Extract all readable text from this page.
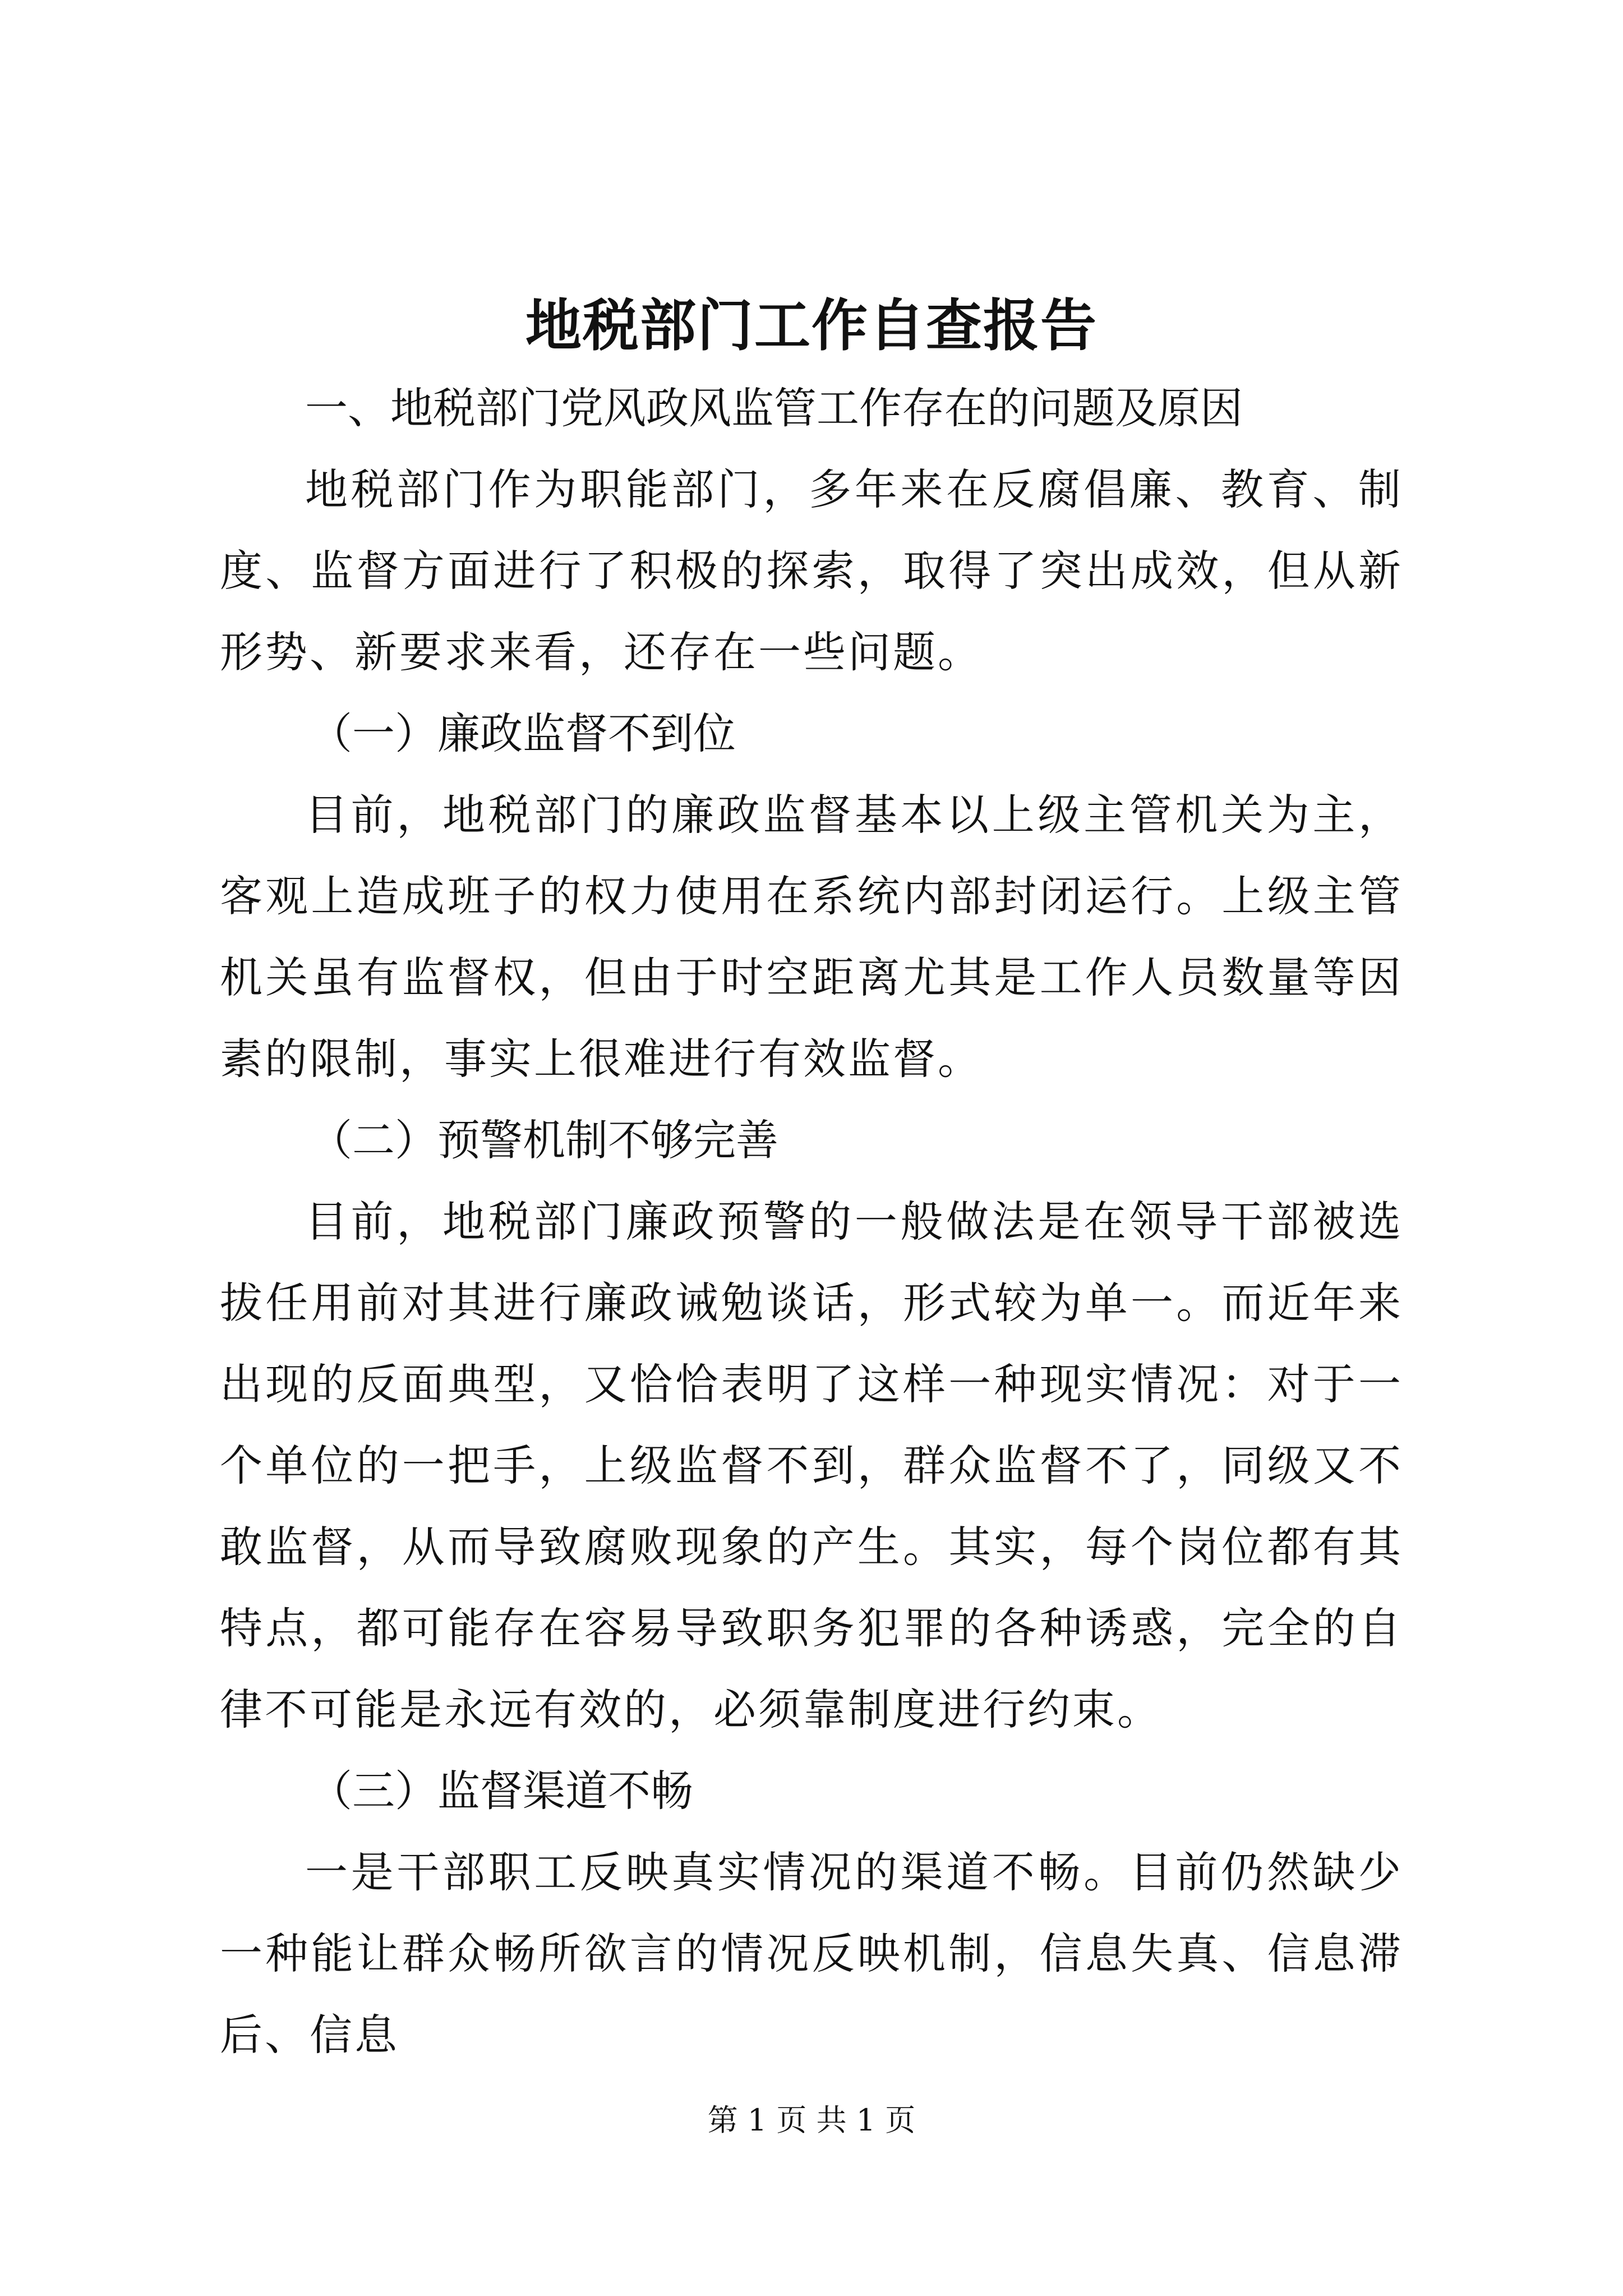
地税部门工作自查报告

一、地税部门党风政风监管工作存在的问题及原因

地税部门作为职能部门，多年来在反腐倡廉、教育、制度、监督方面进行了积极的探索，取得了突出成效，但从新形势、新要求来看，还存在一些问题。

（一）廉政监督不到位

目前，地税部门的廉政监督基本以上级主管机关为主，客观上造成班子的权力使用在系统内部封闭运行。上级主管机关虽有监督权，但由于时空距离尤其是工作人员数量等因素的限制，事实上很难进行有效监督。

（二）预警机制不够完善

目前，地税部门廉政预警的一般做法是在领导干部被选拔任用前对其进行廉政诫勉谈话，形式较为单一。而近年来出现的反面典型，又恰恰表明了这样一种现实情况：对于一个单位的一把手，上级监督不到，群众监督不了，同级又不敢监督，从而导致腐败现象的产生。其实，每个岗位都有其特点，都可能存在容易导致职务犯罪的各种诱惑，完全的自律不可能是永远有效的，必须靠制度进行约束。

（三）监督渠道不畅

一是干部职工反映真实情况的渠道不畅。目前仍然缺少一种能让群众畅所欲言的情况反映机制，信息失真、信息滞后、信息

第 1 页 共 1 页
